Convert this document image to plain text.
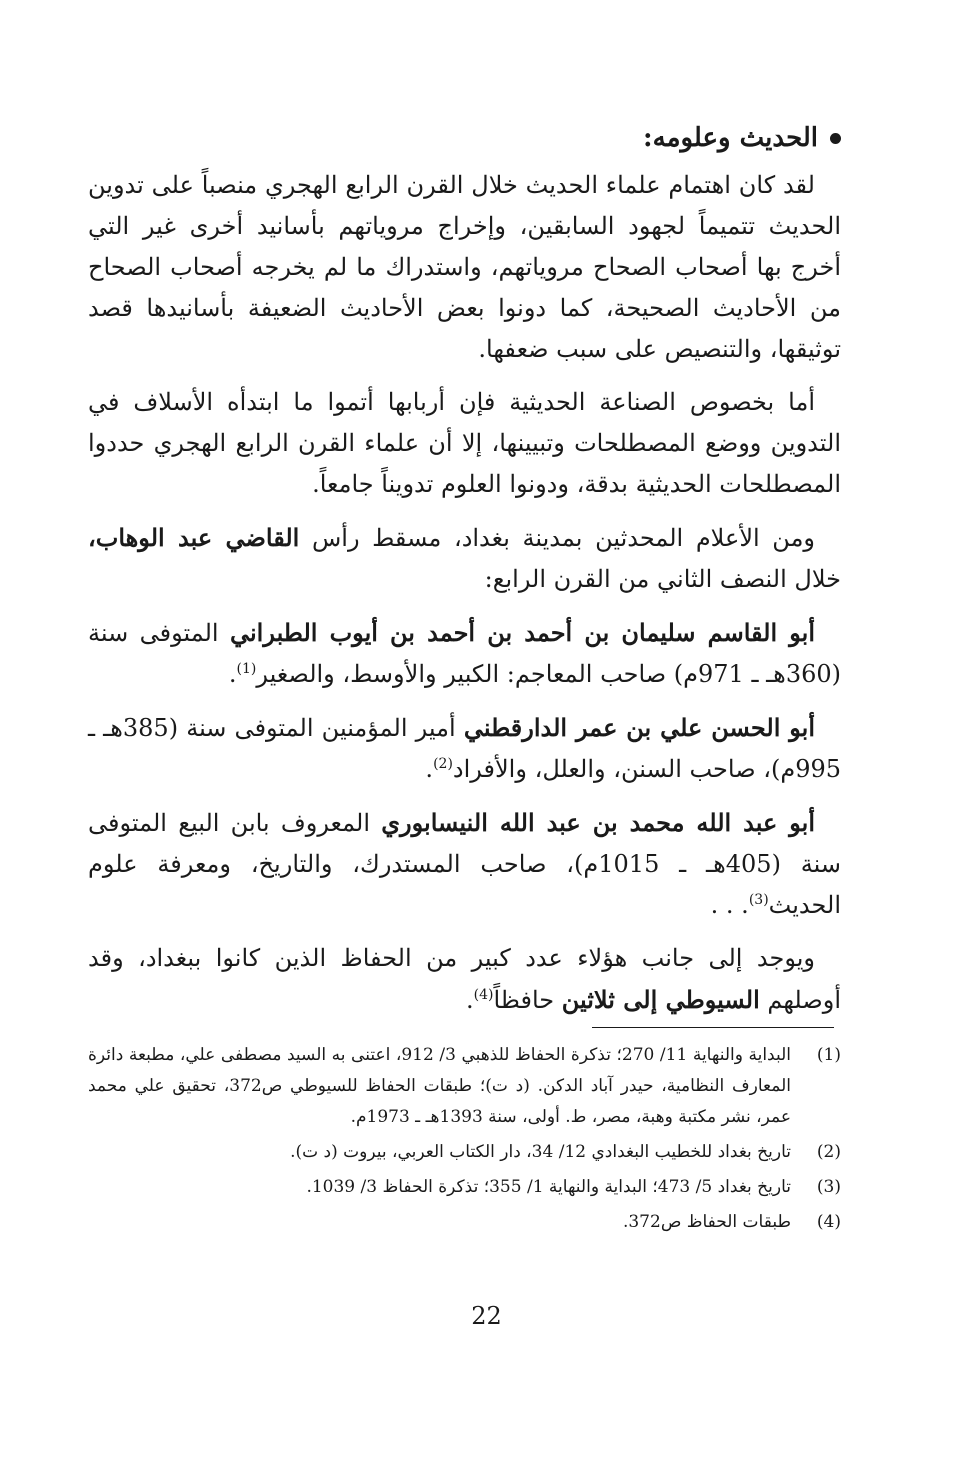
الحديث وعلومه:

لقد كان اهتمام علماء الحديث خلال القرن الرابع الهجري منصباً على تدوين الحديث تتميماً لجهود السابقين، وإخراج مروياتهم بأسانيد أخرى غير التي أخرج بها أصحاب الصحاح مروياتهم، واستدراك ما لم يخرجه أصحاب الصحاح من الأحاديث الصحيحة، كما دونوا بعض الأحاديث الضعيفة بأسانيدها قصد توثيقها، والتنصيص على سبب ضعفها.

أما بخصوص الصناعة الحديثية فإن أربابها أتموا ما ابتدأه الأسلاف في التدوين ووضع المصطلحات وتبيينها، إلا أن علماء القرن الرابع الهجري حددوا المصطلحات الحديثية بدقة، ودونوا العلوم تدويناً جامعاً.

ومن الأعلام المحدثين بمدينة بغداد، مسقط رأس القاضي عبد الوهاب، خلال النصف الثاني من القرن الرابع:

أبو القاسم سليمان بن أحمد بن أحمد بن أيوب الطبراني المتوفى سنة (360هـ ـ 971م) صاحب المعاجم: الكبير والأوسط، والصغير$^{(1)}$.

أبو الحسن علي بن عمر الدارقطني أمير المؤمنين المتوفى سنة (385هـ ـ 995م)، صاحب السنن، والعلل، والأفراد$^{(2)}$.

أبو عبد الله محمد بن عبد الله النيسابوري المعروف بابن البيع المتوفى سنة (405هـ ـ 1015م)، صاحب المستدرك، والتاريخ، ومعرفة علوم الحديث$^{(3)}$. . .

ويوجد إلى جانب هؤلاء عدد كبير من الحفاظ الذين كانوا ببغداد، وقد أوصلهم السيوطي إلى ثلاثين حافظاً$^{(4)}$.

(1)
البداية والنهاية 11/ 270؛ تذكرة الحفاظ للذهبي 3/ 912، اعتنى به السيد مصطفى علي، مطبعة دائرة المعارف النظامية، حيدر آباد الدكن. (د ت)؛ طبقات الحفاظ للسيوطي ص372، تحقيق علي محمد عمر، نشر مكتبة وهبة، مصر، ط. أولى، سنة 1393هـ ـ 1973م.
(2)
تاريخ بغداد للخطيب البغدادي 12/ 34، دار الكتاب العربي، بيروت (د ت).
(3)
تاريخ بغداد 5/ 473؛ البداية والنهاية 1/ 355؛ تذكرة الحفاظ 3/ 1039.
(4)
طبقات الحفاظ ص372.
22
